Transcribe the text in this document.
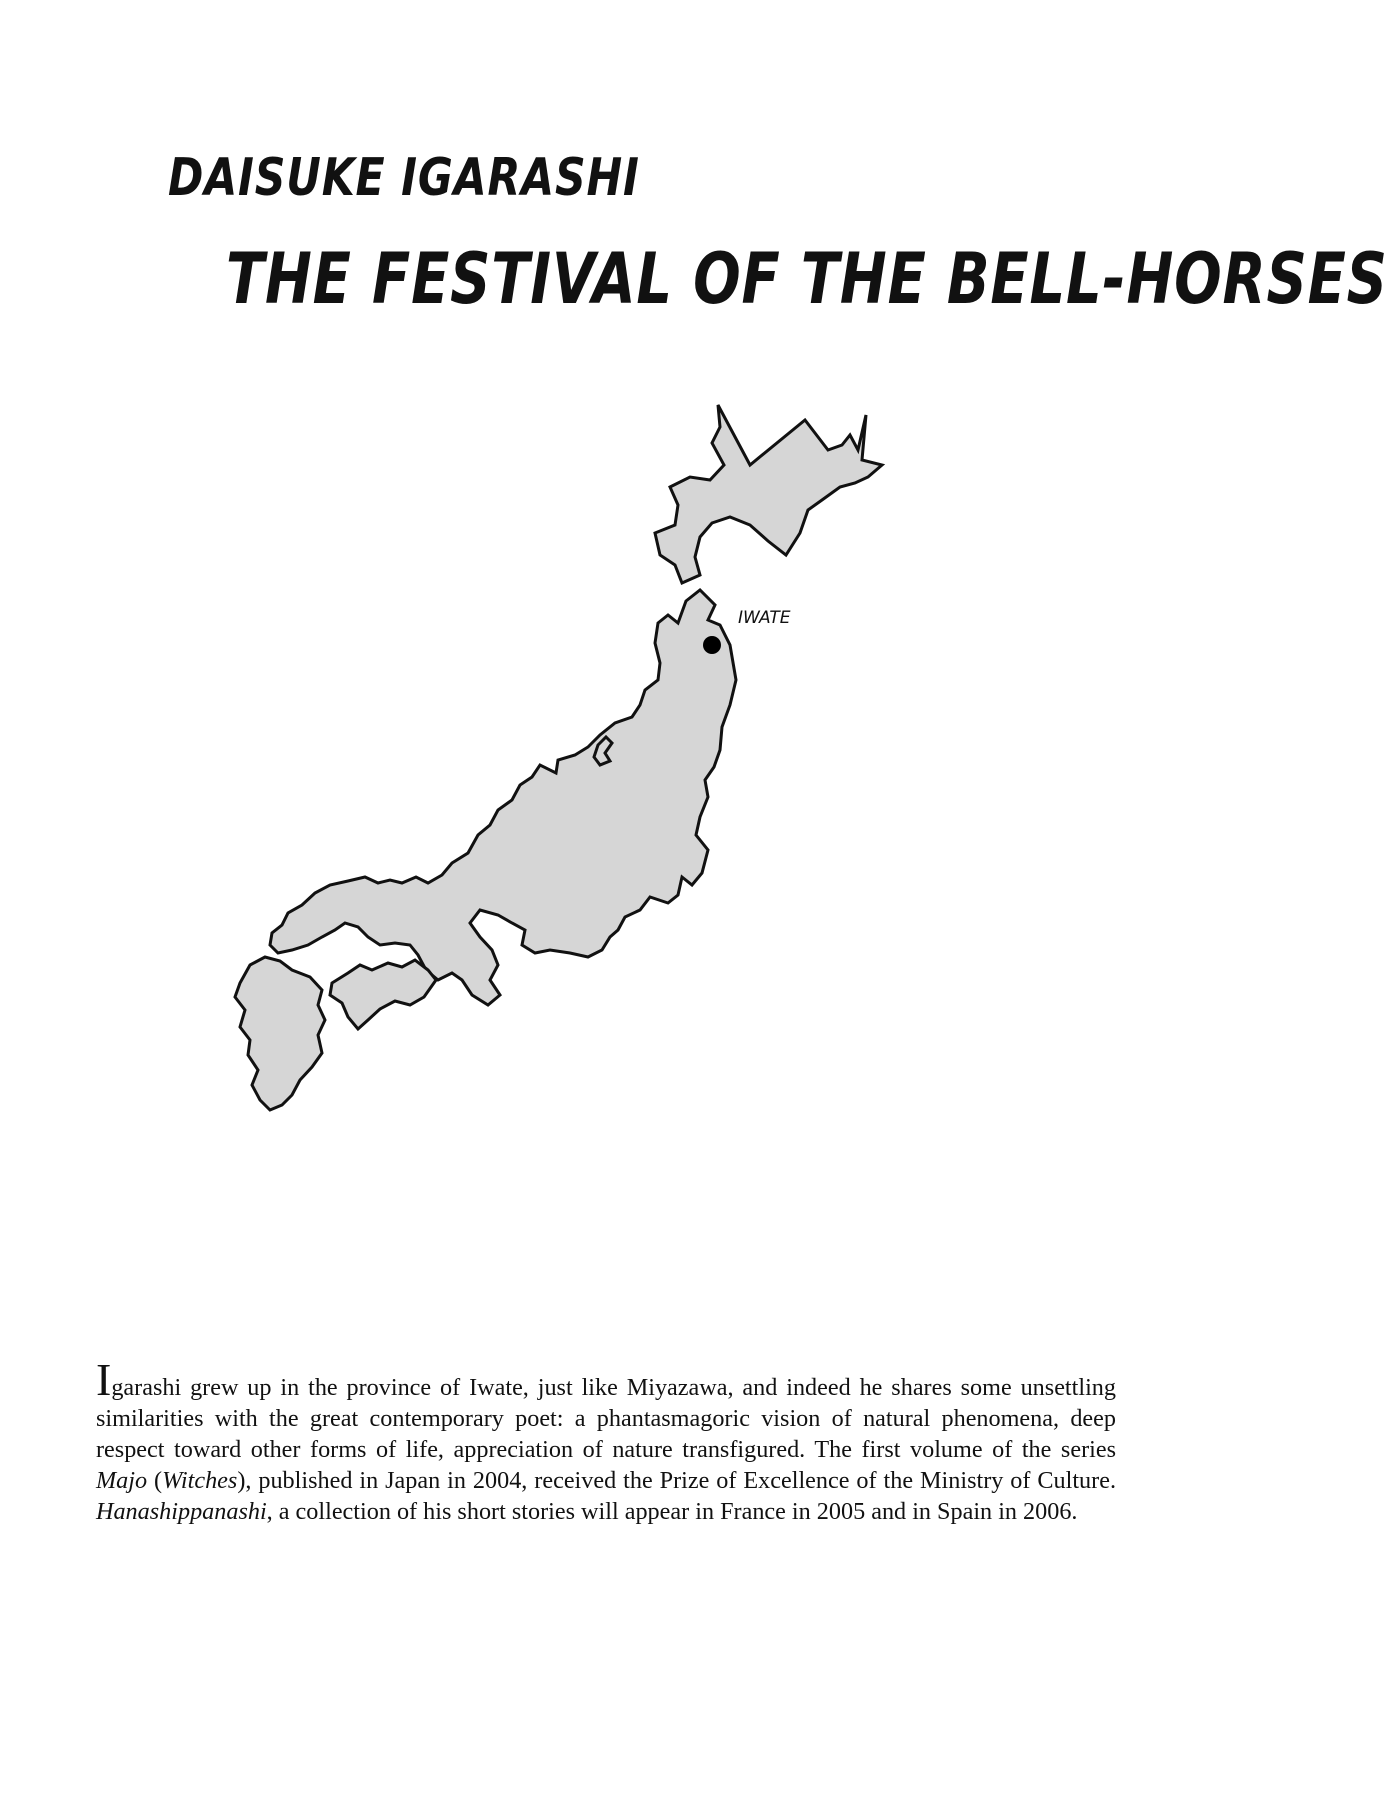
DAISUKE IGARASHI
THE FESTIVAL OF THE BELL-HORSES
IWATE

Igarashi grew up in the province of Iwate, just like Miyazawa, and indeed he shares some unsettling similarities with the great contemporary poet: a phantasmagoric vision of natural phenomena, deep respect toward other forms of life, appreciation of nature transfigured. The first volume of the series Majo (Witches), published in Japan in 2004, received the Prize of Excellence of the Ministry of Culture. Hanashippanashi, a collection of his short stories will appear in France in 2005 and in Spain in 2006.
